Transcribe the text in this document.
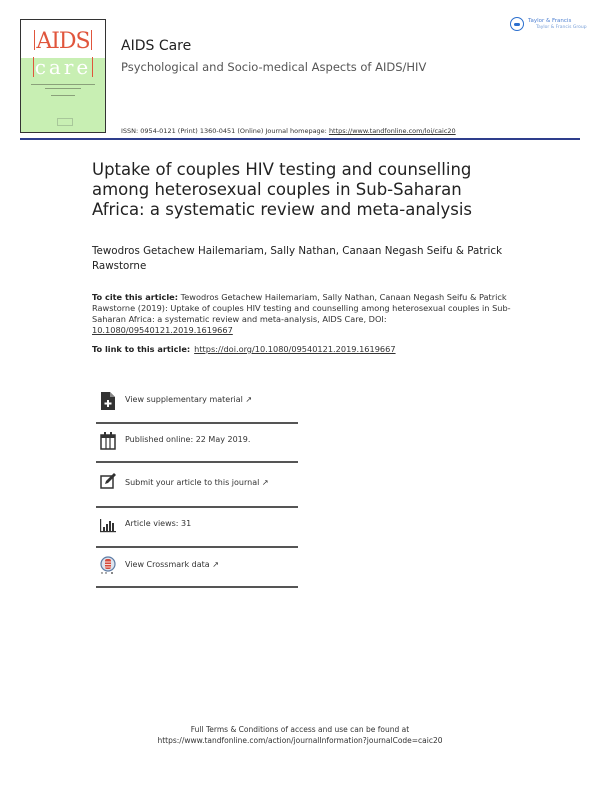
AIDS
care
AIDS Care
Psychological and Socio-medical Aspects of AIDS/HIV
ISSN: 0954-0121 (Print) 1360-0451 (Online) Journal homepage: https://www.tandfonline.com/loi/caic20
Taylor & Francis
Taylor & Francis Group
Uptake of couples HIV testing and counselling among heterosexual couples in Sub-Saharan Africa: a systematic review and meta-analysis
Tewodros Getachew Hailemariam, Sally Nathan, Canaan Negash Seifu & Patrick Rawstorne
To cite this article: Tewodros Getachew Hailemariam, Sally Nathan, Canaan Negash Seifu & Patrick Rawstorne (2019): Uptake of couples HIV testing and counselling among heterosexual couples in Sub-Saharan Africa: a systematic review and meta-analysis, AIDS Care, DOI: 10.1080/09540121.2019.1619667
To link to this article: https://doi.org/10.1080/09540121.2019.1619667
View supplementary material ↗
Published online: 22 May 2019.
Submit your article to this journal ↗
Article views: 31
View Crossmark data ↗
Full Terms & Conditions of access and use can be found at
https://www.tandfonline.com/action/journalInformation?journalCode=caic20
